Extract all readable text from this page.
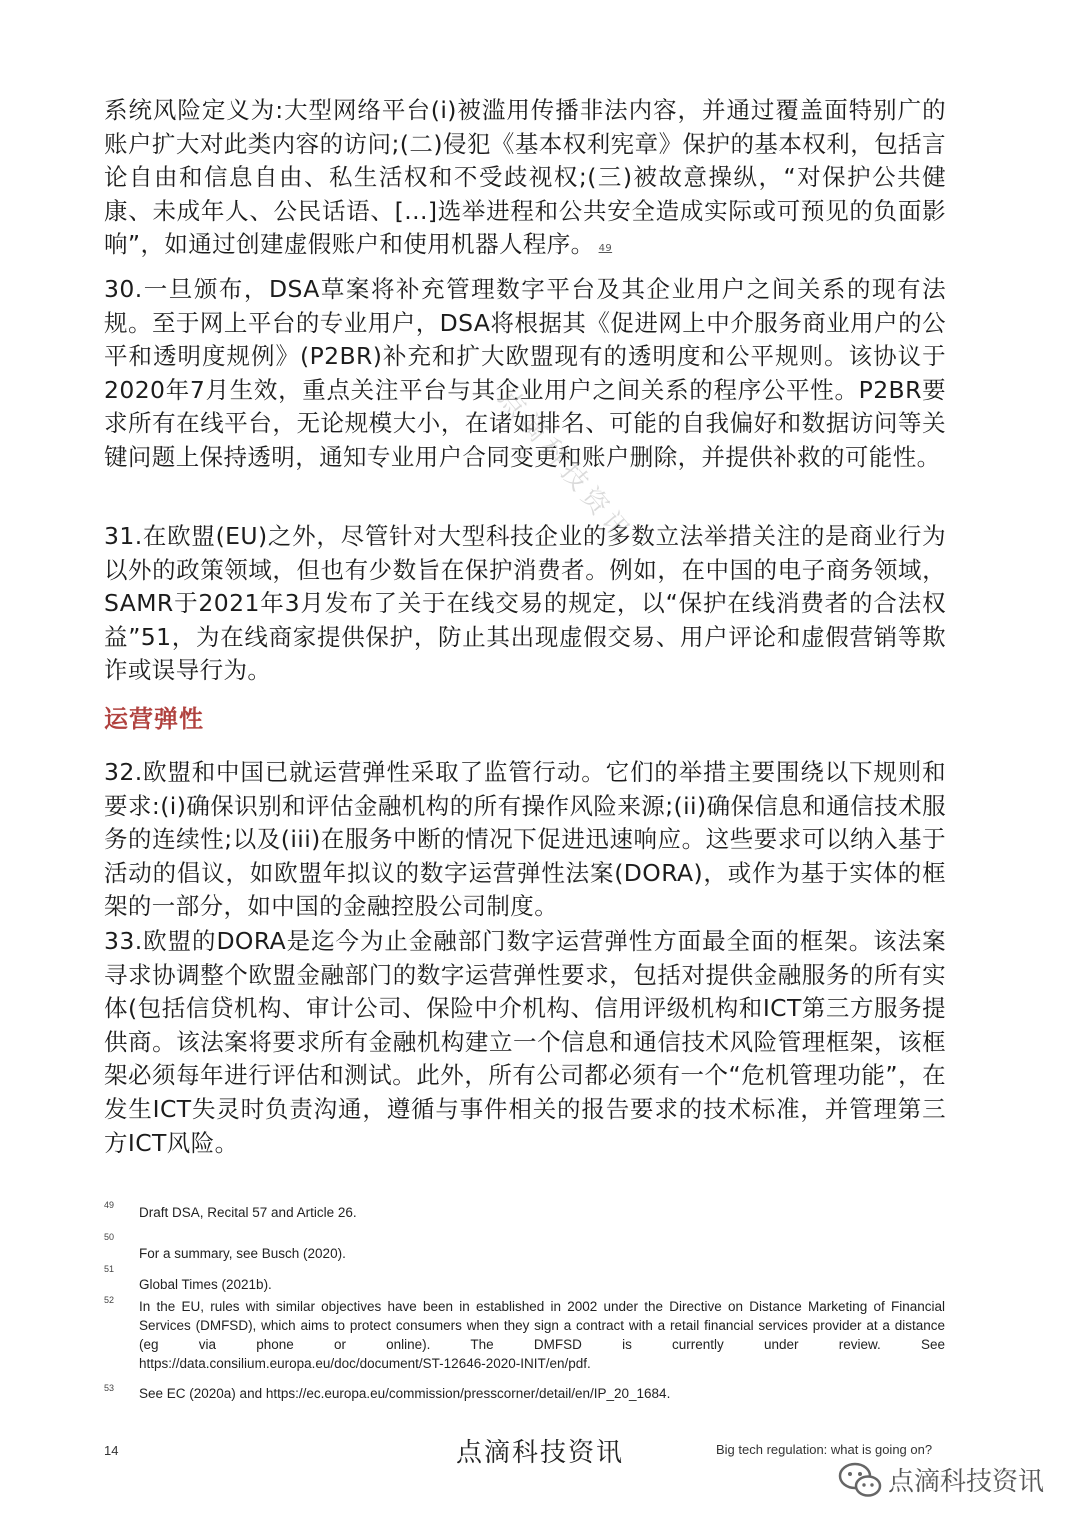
系统风险定义为:大型网络平台(i)被滥用传播非法内容，并通过覆盖面特别广的账户扩大对此类内容的访问;(二)侵犯《基本权利宪章》保护的基本权利，包括言论自由和信息自由、私生活权和不受歧视权;(三)被故意操纵，“对保护公共健康、未成年人、公民话语、[...]选举进程和公共安全造成实际或可预见的负面影响”，如通过创建虚假账户和使用机器人程序。 49

30.一旦颁布，DSA草案将补充管理数字平台及其企业用户之间关系的现有法规。至于网上平台的专业用户，DSA将根据其《促进网上中介服务商业用户的公平和透明度规例》(P2BR)补充和扩大欧盟现有的透明度和公平规则。该协议于2020年7月生效，重点关注平台与其企业用户之间关系的程序公平性。P2BR要求所有在线平台，无论规模大小，在诸如排名、可能的自我偏好和数据访问等关键问题上保持透明，通知专业用户合同变更和账户删除，并提供补救的可能性。

31.在欧盟(EU)之外，尽管针对大型科技企业的多数立法举措关注的是商业行为以外的政策领域，但也有少数旨在保护消费者。例如，在中国的电子商务领域，SAMR于2021年3月发布了关于在线交易的规定，以“保护在线消费者的合法权益”51，为在线商家提供保护，防止其出现虚假交易、用户评论和虚假营销等欺诈或误导行为。

运营弹性

32.欧盟和中国已就运营弹性采取了监管行动。它们的举措主要围绕以下规则和要求:(i)确保识别和评估金融机构的所有操作风险来源;(ii)确保信息和通信技术服务的连续性;以及(iii)在服务中断的情况下促进迅速响应。这些要求可以纳入基于活动的倡议，如欧盟年拟议的数字运营弹性法案(DORA)，或作为基于实体的框架的一部分，如中国的金融控股公司制度。

33.欧盟的DORA是迄今为止金融部门数字运营弹性方面最全面的框架。该法案寻求协调整个欧盟金融部门的数字运营弹性要求，包括对提供金融服务的所有实体(包括信贷机构、审计公司、保险中介机构、信用评级机构和ICT第三方服务提供商。该法案将要求所有金融机构建立一个信息和通信技术风险管理框架，该框架必须每年进行评估和测试。此外，所有公司都必须有一个“危机管理功能”，在发生ICT失灵时负责沟通，遵循与事件相关的报告要求的技术标准，并管理第三方ICT风险。

点滴科技资讯
49 Draft DSA, Recital 57 and Article 26.
50
For a summary, see Busch (2020).
51
Global Times (2021b).
52 In the EU, rules with similar objectives have been in established in 2002 under the Directive on Distance Marketing of Financial Services (DMFSD), which aims to protect consumers when they sign a contract with a retail financial services provider at a distance (eg via phone or online). The DMFSD is currently under review. See
https://data.consilium.europa.eu/doc/document/ST-12646-2020-INIT/en/pdf.
53 See EC (2020a) and https://ec.europa.eu/commission/presscorner/detail/en/IP_20_1684.
14	点滴科技资讯	Big tech regulation: what is going on?
点滴科技资讯
